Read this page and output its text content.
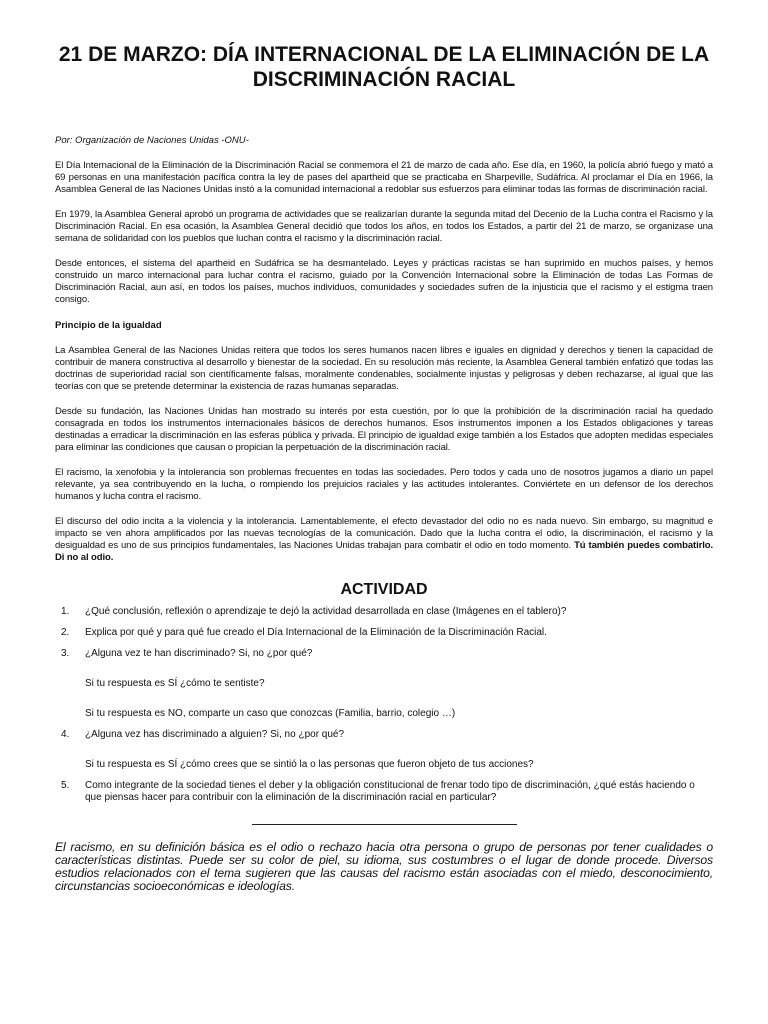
21 DE MARZO: DÍA INTERNACIONAL DE LA ELIMINACIÓN DE LA
DISCRIMINACIÓN RACIAL
Por: Organización de Naciones Unidas -ONU-

El Día Internacional de la Eliminación de la Discriminación Racial se conmemora el 21 de marzo de cada año. Ese día, en 1960, la policía abrió fuego y mató a 69 personas en una manifestación pacífica contra la ley de pases del apartheid que se practicaba en Sharpeville, Sudáfrica. Al proclamar el Día en 1966, la Asamblea General de las Naciones Unidas instó a la comunidad internacional a redoblar sus esfuerzos para eliminar todas las formas de discriminación racial.

En 1979, la Asamblea General aprobó un programa de actividades que se realizarían durante la segunda mitad del Decenio de la Lucha contra el Racismo y la Discriminación Racial. En esa ocasión, la Asamblea General decidió que todos los años, en todos los Estados, a partir del 21 de marzo, se organizase una semana de solidaridad con los pueblos que luchan contra el racismo y la discriminación racial.

Desde entonces, el sistema del apartheid en Sudáfrica se ha desmantelado. Leyes y prácticas racistas se han suprimido en muchos países, y hemos construido un marco internacional para luchar contra el racismo, guiado por la Convención Internacional sobre la Eliminación de todas Las Formas de Discriminación Racial, aun así, en todos los países, muchos individuos, comunidades y sociedades sufren de la injusticia que el racismo y el estigma traen consigo.

Principio de la igualdad

La Asamblea General de las Naciones Unidas reitera que todos los seres humanos nacen libres e iguales en dignidad y derechos y tienen la capacidad de contribuir de manera constructiva al desarrollo y bienestar de la sociedad. En su resolución más reciente, la Asamblea General también enfatizó que todas las doctrinas de superioridad racial son científicamente falsas, moralmente condenables, socialmente injustas y peligrosas y deben rechazarse, al igual que las teorías con que se pretende determinar la existencia de razas humanas separadas.

Desde su fundación, las Naciones Unidas han mostrado su interés por esta cuestión, por lo que la prohibición de la discriminación racial ha quedado consagrada en todos los instrumentos internacionales básicos de derechos humanos. Esos instrumentos imponen a los Estados obligaciones y tareas destinadas a erradicar la discriminación en las esferas pública y privada. El principio de igualdad exige también a los Estados que adopten medidas especiales para eliminar las condiciones que causan o propician la perpetuación de la discriminación racial.

El racismo, la xenofobia y la intolerancia son problemas frecuentes en todas las sociedades. Pero todos y cada uno de nosotros jugamos a diario un papel relevante, ya sea contribuyendo en la lucha, o rompiendo los prejuicios raciales y las actitudes intolerantes. Conviértete en un defensor de los derechos humanos y lucha contra el racismo.

El discurso del odio incita a la violencia y la intolerancia. Lamentablemente, el efecto devastador del odio no es nada nuevo. Sin embargo, su magnitud e impacto se ven ahora amplificados por las nuevas tecnologías de la comunicación. Dado que la lucha contra el odio, la discriminación, el racismo y la desigualdad es uno de sus principios fundamentales, las Naciones Unidas trabajan para combatir el odio en todo momento. Tú también puedes combatirlo. Di no al odio.

ACTIVIDAD
1.	¿Qué conclusión, reflexión o aprendizaje te dejó la actividad desarrollada en clase (Imágenes en el tablero)?
2.	Explica por qué y para qué fue creado el Día Internacional de la Eliminación de la Discriminación Racial.
3.	¿Alguna vez te han discriminado? Si, no ¿por qué?
Si tu respuesta es SÍ ¿cómo te sentiste?
Si tu respuesta es NO, comparte un caso que conozcas (Familia, barrio, colegio …)
4.	¿Alguna vez has discriminado a alguien? Si, no ¿por qué?
Si tu respuesta es SÍ ¿cómo crees que se sintió la o las personas que fueron objeto de tus acciones?
5.	Como integrante de la sociedad tienes el deber y la obligación constitucional de frenar todo tipo de discriminación, ¿qué estás haciendo o que piensas hacer para contribuir con la eliminación de la discriminación racial en particular?

El racismo, en su definición básica es el odio o rechazo hacia otra persona o grupo de personas por tener cualidades o características distintas. Puede ser su color de piel, su idioma, sus costumbres o el lugar de donde procede. Diversos estudios relacionados con el tema sugieren que las causas del racismo están asociadas con el miedo, desconocimiento, circunstancias socioeconómicas e ideologías.
